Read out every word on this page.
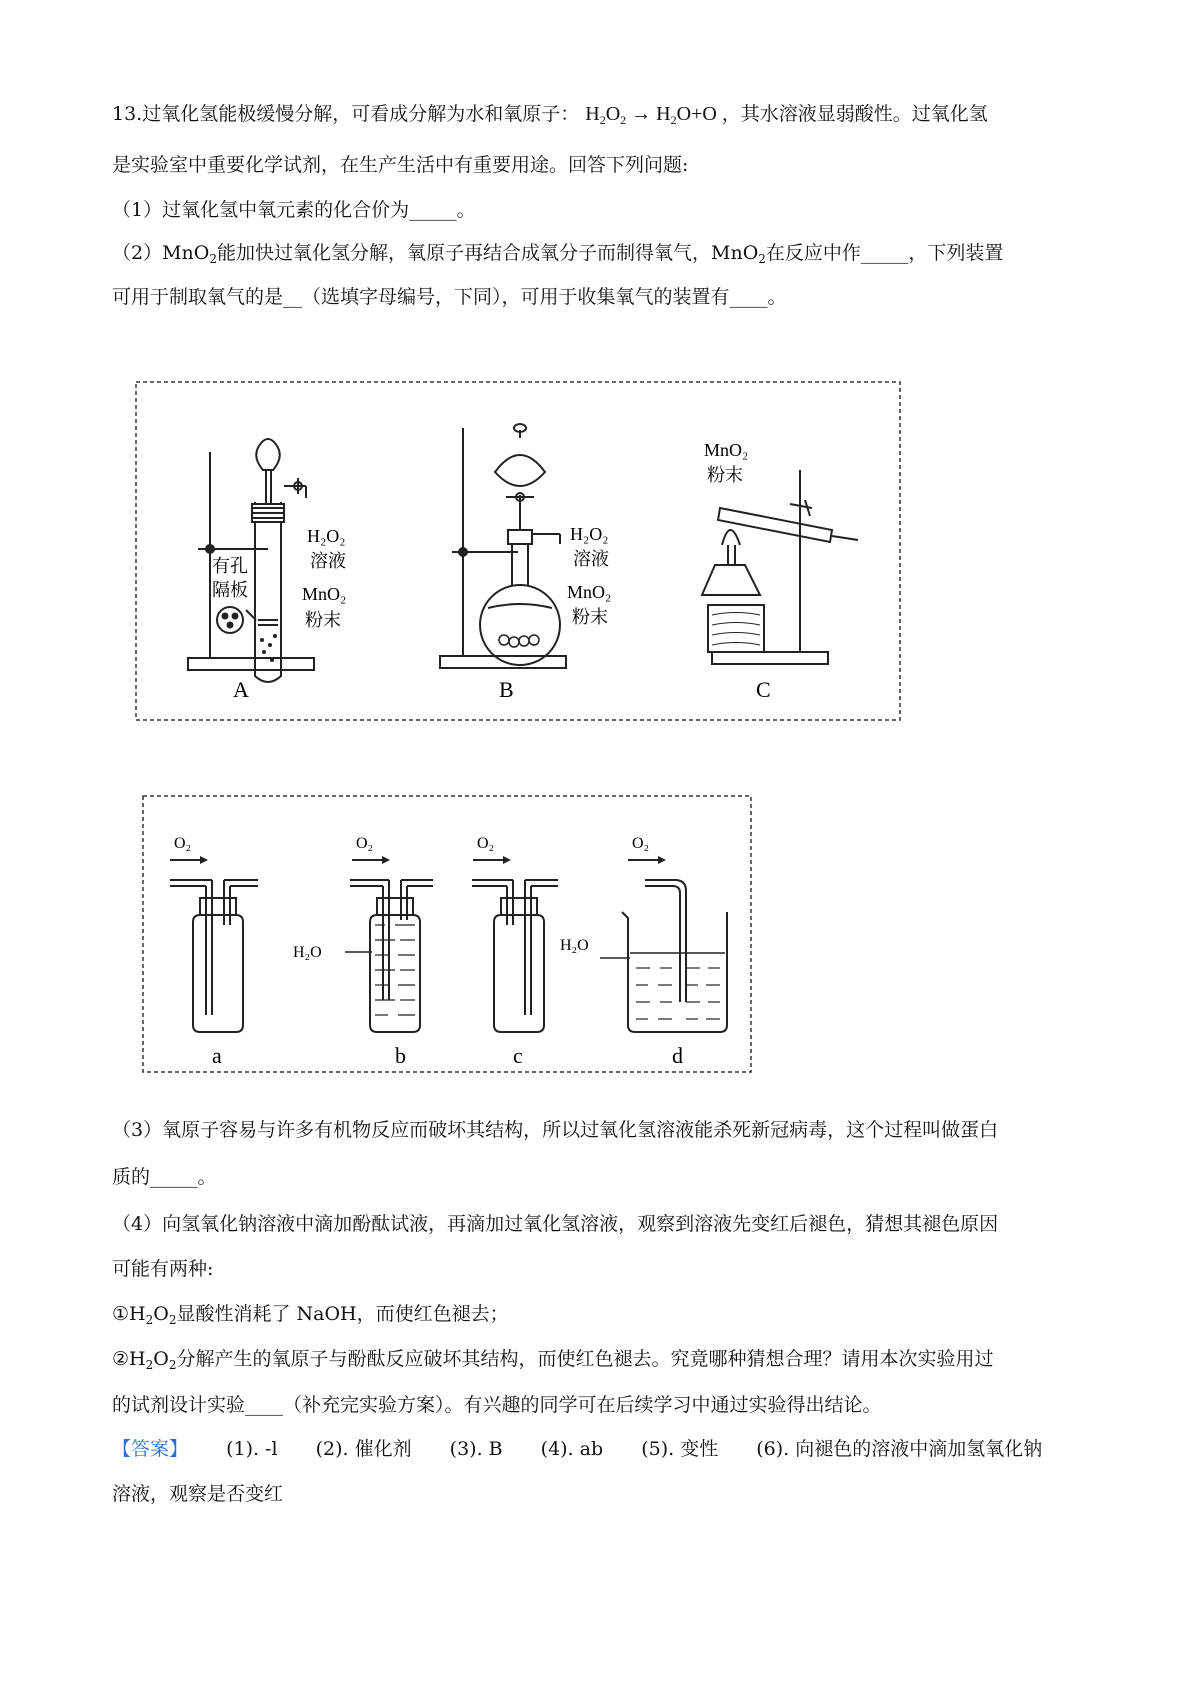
13.过氧化氢能极缓慢分解，可看成分解为水和氧原子： $H_2O_2 \to H_2O+O$ ，其水溶液显弱酸性。过氧化氢
是实验室中重要化学试剂，在生产生活中有重要用途。回答下列问题:
（1）过氧化氢中氧元素的化合价为_____。
（2）MnO$_2$能加快过氧化氢分解，氧原子再结合成氧分子而制得氧气，MnO$_2$在反应中作_____，下列装置
可用于制取氧气的是__（选填字母编号，下同），可用于收集氧气的装置有____。
H₂O₂
溶液
有孔
隔板	MnO₂
粉末
A
H₂O₂
溶液
MnO₂
粉末
B
MnO₂
粉末
C
O₂
a
O₂
H₂O
b
O₂
c
O₂
H₂O
d
（3）氧原子容易与许多有机物反应而破坏其结构，所以过氧化氢溶液能杀死新冠病毒，这个过程叫做蛋白
质的_____。
（4）向氢氧化钠溶液中滴加酚酞试液，再滴加过氧化氢溶液，观察到溶液先变红后褪色，猜想其褪色原因
可能有两种:
$①H_2O_2$显酸性消耗了 NaOH，而使红色褪去；
$②H_2O_2$分解产生的氧原子与酚酞反应破坏其结构，而使红色褪去。究竟哪种猜想合理？请用本次实验用过
的试剂设计实验____（补充完实验方案）。有兴趣的同学可在后续学习中通过实验得出结论。
【答案】 (1). -l (2). 催化剂 (3). B (4). ab (5). 变性 (6). 向褪色的溶液中滴加氢氧化钠
溶液，观察是否变红
